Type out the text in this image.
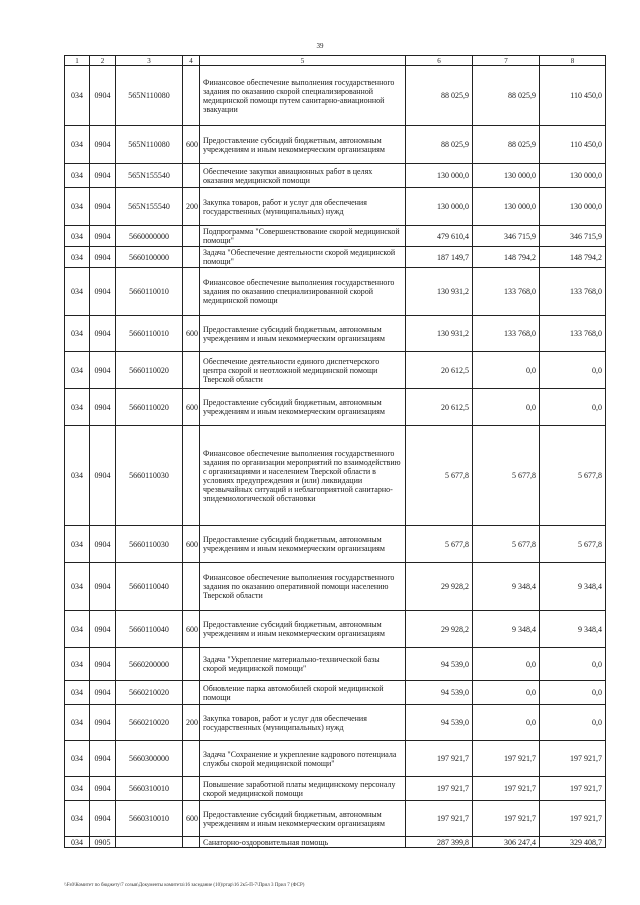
39
1	2	3	4	5	6	7	8
034	0904	565N110080		Финансовое обеспечение выполнения государственного задания по оказанию скорой специализированной медицинской помощи путем санитарно-авиационной эвакуации	88 025,9	88 025,9	110 450,0
034	0904	565N110080	600	Предоставление субсидий бюджетным, автономным учреждениям и иным некоммерческим организациям	88 025,9	88 025,9	110 450,0
034	0904	565N155540		Обеспечение закупки авиационных работ в целях оказания медицинской помощи	130 000,0	130 000,0	130 000,0
034	0904	565N155540	200	Закупка товаров, работ и услуг для обеспечения государственных (муниципальных) нужд	130 000,0	130 000,0	130 000,0
034	0904	5660000000		Подпрограмма "Совершенствование скорой медицинской помощи"	479 610,4	346 715,9	346 715,9
034	0904	5660100000		Задача "Обеспечение деятельности скорой медицинской помощи"	187 149,7	148 794,2	148 794,2
034	0904	5660110010		Финансовое обеспечение выполнения государственного задания по оказанию специализированной скорой медицинской помощи	130 931,2	133 768,0	133 768,0
034	0904	5660110010	600	Предоставление субсидий бюджетным, автономным учреждениям и иным некоммерческим организациям	130 931,2	133 768,0	133 768,0
034	0904	5660110020		Обеспечение деятельности единого диспетчерского центра скорой и неотложной медицинской помощи Тверской области	20 612,5	0,0	0,0
034	0904	5660110020	600	Предоставление субсидий бюджетным, автономным учреждениям и иным некоммерческим организациям	20 612,5	0,0	0,0
034	0904	5660110030		Финансовое обеспечение выполнения государственного задания по организации мероприятий по взаимодействию с организациями и населением Тверской области в условиях предупреждения и (или) ликвидации чрезвычайных ситуаций и неблагоприятной санитарно-эпидемиологической обстановки	5 677,8	5 677,8	5 677,8
034	0904	5660110030	600	Предоставление субсидий бюджетным, автономным учреждениям и иным некоммерческим организациям	5 677,8	5 677,8	5 677,8
034	0904	5660110040		Финансовое обеспечение выполнения государственного задания по оказанию оперативной помощи населению Тверской области	29 928,2	9 348,4	9 348,4
034	0904	5660110040	600	Предоставление субсидий бюджетным, автономным учреждениям и иным некоммерческим организациям	29 928,2	9 348,4	9 348,4
034	0904	5660200000		Задача "Укрепление материально-технической базы скорой медицинской помощи"	94 539,0	0,0	0,0
034	0904	5660210020		Обновление парка автомобилей скорой медицинской помощи	94 539,0	0,0	0,0
034	0904	5660210020	200	Закупка товаров, работ и услуг для обеспечения государственных (муниципальных) нужд	94 539,0	0,0	0,0
034	0904	5660300000		Задача "Сохранение и укрепление кадрового потенциала службы скорой медицинской помощи"	197 921,7	197 921,7	197 921,7
034	0904	5660310010		Повышение заработной платы медицинскому персоналу скорой медицинской помощи	197 921,7	197 921,7	197 921,7
034	0904	5660310010	600	Предоставление субсидий бюджетным, автономным учреждениям и иным некоммерческим организациям	197 921,7	197 921,7	197 921,7
034	0905			Санаторно-оздоровительная помощь	287 399,8	306 247,4	329 408,7
\\Fs0\Комитет по бюджету\7 созыв\Документы комитета\16 заседание (10)\ртар\16 2к5-П-7\Прил 3 Прил 7 (ФСР)
